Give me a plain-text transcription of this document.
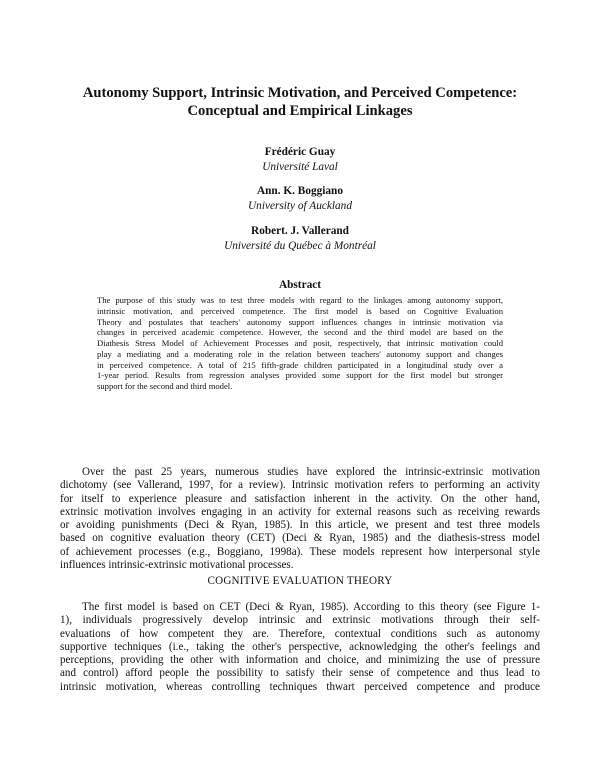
Autonomy Support, Intrinsic Motivation, and Perceived Competence:
Conceptual and Empirical Linkages
Frédéric Guay
Université Laval
Ann. K. Boggiano
University of Auckland
Robert. J. Vallerand
Université du Québec à Montréal
Abstract
The purpose of this study was to test three models with regard to the linkages among autonomy support,
intrinsic motivation, and perceived competence. The first model is based on Cognitive Evaluation
Theory and postulates that teachers' autonomy support influences changes in intrinsic motivation via
changes in perceived academic competence. However, the second and the third model are based on the
Diathesis Stress Model of Achievement Processes and posit, respectively, that intrinsic motivation could
play a mediating and a moderating role in the relation between teachers' autonomy support and changes
in perceived competence. A total of 215 fifth-grade children participated in a longitudinal study over a
1-year period. Results from regression analyses provided some support for the first model but stronger
support for the second and third model.
Over the past 25 years, numerous studies have explored the intrinsic-extrinsic motivation
dichotomy (see Vallerand, 1997, for a review). Intrinsic motivation refers to performing an activity
for itself to experience pleasure and satisfaction inherent in the activity. On the other hand,
extrinsic motivation involves engaging in an activity for external reasons such as receiving rewards
or avoiding punishments (Deci & Ryan, 1985). In this article, we present and test three models
based on cognitive evaluation theory (CET) (Deci & Ryan, 1985) and the diathesis-stress model
of achievement processes (e.g., Boggiano, 1998a). These models represent how interpersonal style
influences intrinsic-extrinsic motivational processes.
COGNITIVE EVALUATION THEORY
The first model is based on CET (Deci & Ryan, 1985). According to this theory (see Figure 1-
1), individuals progressively develop intrinsic and extrinsic motivations through their self-
evaluations of how competent they are. Therefore, contextual conditions such as autonomy
supportive techniques (i.e., taking the other's perspective, acknowledging the other's feelings and
perceptions, providing the other with information and choice, and minimizing the use of pressure
and control) afford people the possibility to satisfy their sense of competence and thus lead to
intrinsic motivation, whereas controlling techniques thwart perceived competence and produce
